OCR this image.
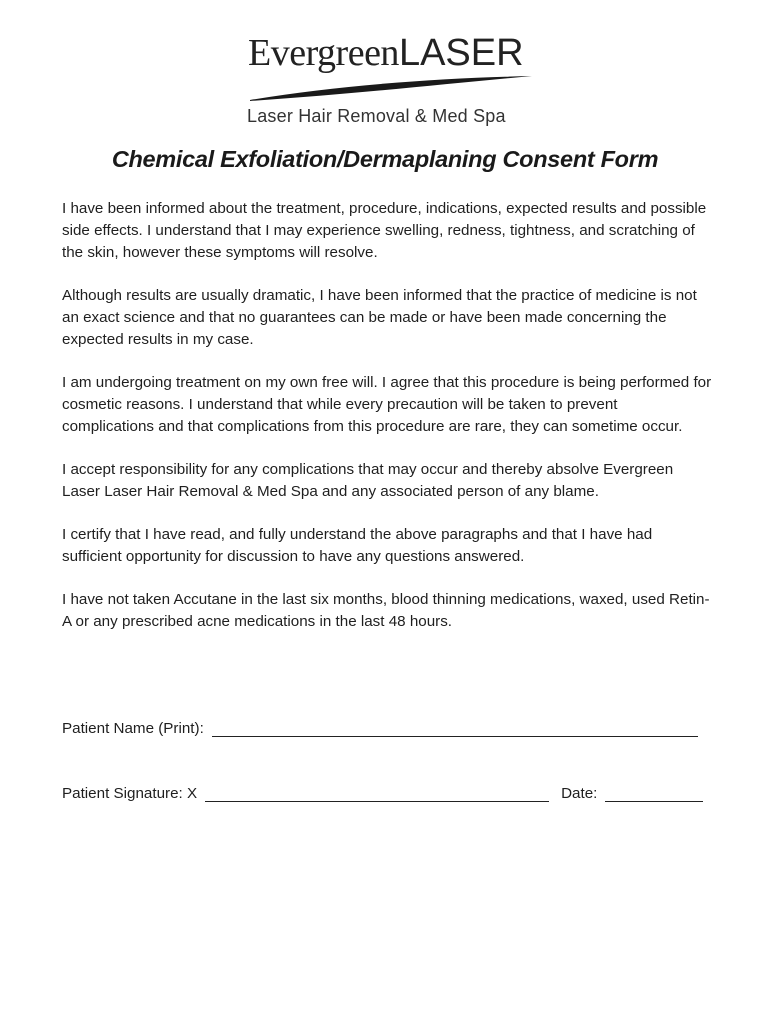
EvergreenLASER
Laser Hair Removal & Med Spa
Chemical Exfoliation/Dermaplaning Consent Form

I have been informed about the treatment, procedure, indications, expected results and possible side effects. I understand that I may experience swelling, redness, tightness, and scratching of the skin, however these symptoms will resolve.

Although results are usually dramatic, I have been informed that the practice of medicine is not an exact science and that no guarantees can be made or have been made concerning the expected results in my case.

I am undergoing treatment on my own free will. I agree that this procedure is being performed for cosmetic reasons. I understand that while every precaution will be taken to prevent complications and that complications from this procedure are rare, they can sometime occur.

I accept responsibility for any complications that may occur and thereby absolve Evergreen Laser Laser Hair Removal & Med Spa and any associated person of any blame.

I certify that I have read, and fully understand the above paragraphs and that I have had sufficient opportunity for discussion to have any questions answered.

I have not taken Accutane in the last six months, blood thinning medications, waxed, used Retin-A or any prescribed acne medications in the last 48 hours.

Patient Name (Print):
Patient Signature: X	Date:
